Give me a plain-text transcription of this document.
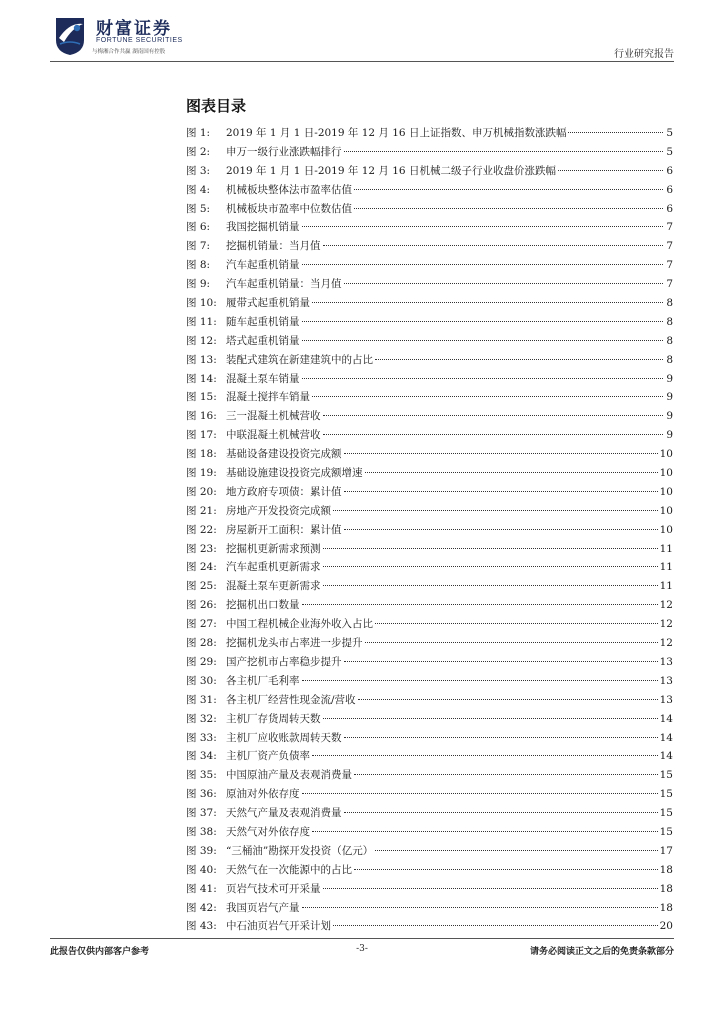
财富证券
FORTUNE SECURITIES
与梅湘合作共赢 湖南国有控股	行业研究报告
图表目录
图 1:	2019 年 1 月 1 日-2019 年 12 月 16 日上证指数、申万机械指数涨跌幅	5
图 2:	申万一级行业涨跌幅排行	5
图 3:	2019 年 1 月 1 日-2019 年 12 月 16 日机械二级子行业收盘价涨跌幅	6
图 4:	机械板块整体法市盈率估值	6
图 5:	机械板块市盈率中位数估值	6
图 6:	我国挖掘机销量	7
图 7:	挖掘机销量：当月值	7
图 8:	汽车起重机销量	7
图 9:	汽车起重机销量：当月值	7
图 10: 履带式起重机销量	8
图 11: 随车起重机销量	8
图 12: 塔式起重机销量	8
图 13: 装配式建筑在新建建筑中的占比	8
图 14: 混凝土泵车销量	9
图 15: 混凝土搅拌车销量	9
图 16: 三一混凝土机械营收	9
图 17: 中联混凝土机械营收	9
图 18: 基础设备建设投资完成额	10
图 19: 基础设施建设投资完成额增速	10
图 20: 地方政府专项债：累计值	10
图 21: 房地产开发投资完成额	10
图 22: 房屋新开工面积：累计值	10
图 23: 挖掘机更新需求预测	11
图 24: 汽车起重机更新需求	11
图 25: 混凝土泵车更新需求	11
图 26: 挖掘机出口数量	12
图 27: 中国工程机械企业海外收入占比	12
图 28: 挖掘机龙头市占率进一步提升	12
图 29: 国产挖机市占率稳步提升	13
图 30: 各主机厂毛利率	13
图 31: 各主机厂经营性现金流/营收	13
图 32: 主机厂存货周转天数	14
图 33: 主机厂应收账款周转天数	14
图 34: 主机厂资产负债率	14
图 35: 中国原油产量及表观消费量	15
图 36: 原油对外依存度	15
图 37: 天然气产量及表观消费量	15
图 38: 天然气对外依存度	15
图 39: “三桶油”勘探开发投资（亿元）	17
图 40: 天然气在一次能源中的占比	18
图 41: 页岩气技术可开采量	18
图 42: 我国页岩气产量	18
图 43: 中石油页岩气开采计划	20
此报告仅供内部客户参考	-3-	请务必阅读正文之后的免责条款部分
